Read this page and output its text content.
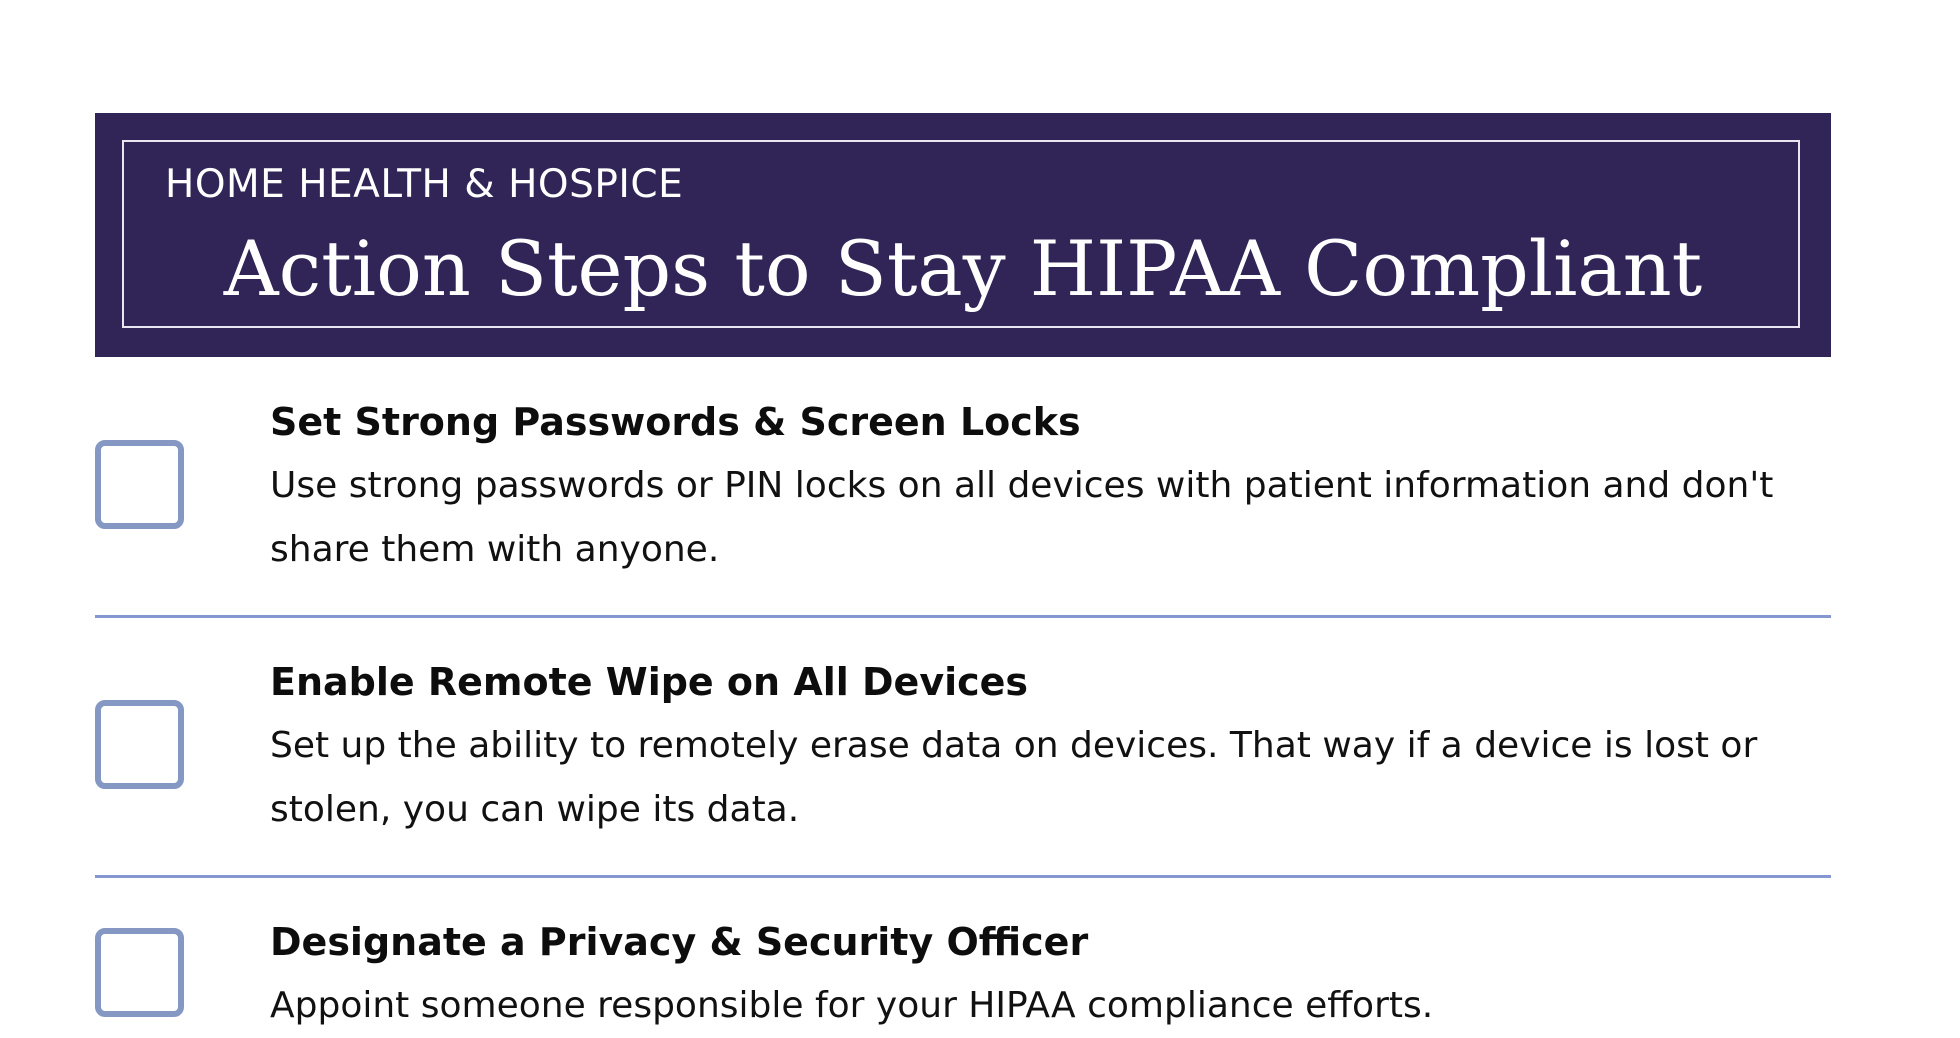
HOME HEALTH & HOSPICE
Action Steps to Stay HIPAA Compliant
Set Strong Passwords & Screen Locks
Use strong passwords or PIN locks on all devices with patient information and don't share them with anyone.
Enable Remote Wipe on All Devices
Set up the ability to remotely erase data on devices. That way if a device is lost or stolen, you can wipe its data.
Designate a Privacy & Security Officer
Appoint someone responsible for your HIPAA compliance efforts.
